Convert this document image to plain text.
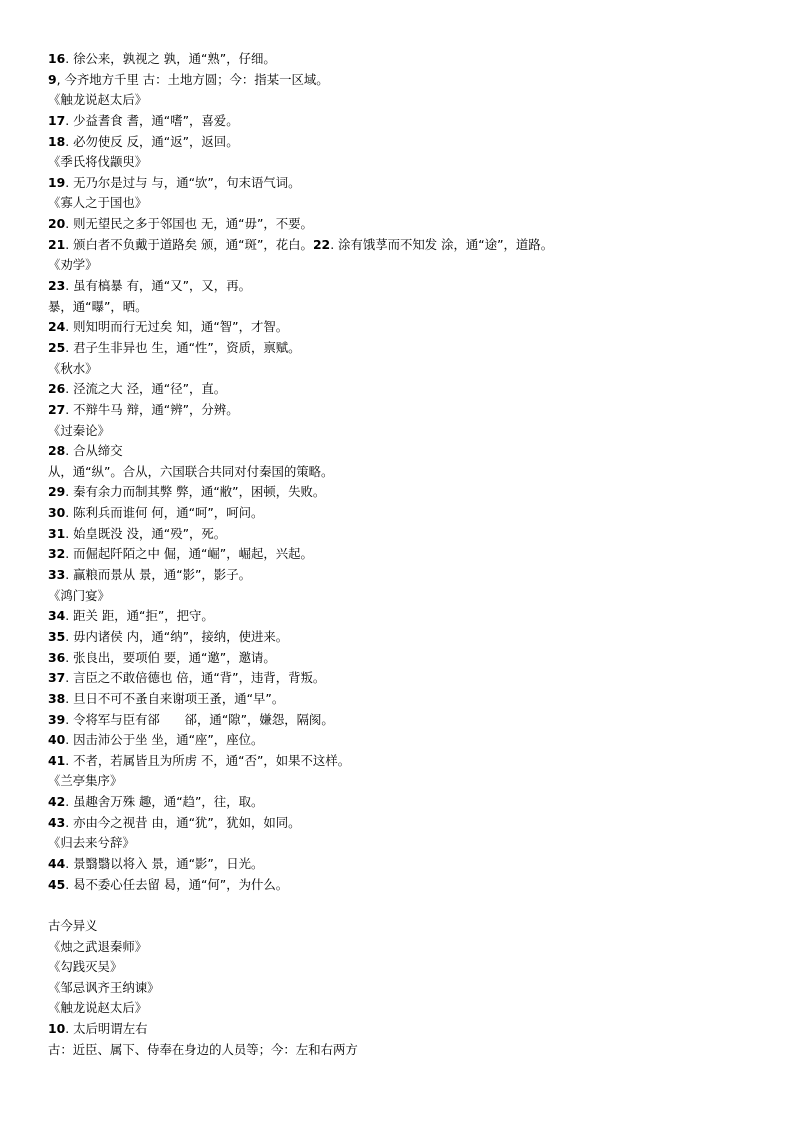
16. 徐公来，孰视之 孰，通“熟”，仔细。
9, 今齐地方千里 古：土地方圆；今：指某一区域。
《触龙说赵太后》
17. 少益耆食 耆，通“嗜”，喜爱。
18. 必勿使反 反，通“返”，返回。
《季氏将伐颛臾》
19. 无乃尔是过与 与，通“欤”，句末语气词。
《寡人之于国也》
20. 则无望民之多于邻国也 无，通“毋”，不要。
21. 颁白者不负戴于道路矣 颁，通“斑”，花白。22. 涂有饿莩而不知发 涂，通“途”，道路。
《劝学》
23. 虽有槁暴 有，通“又”，又，再。
暴，通“曝”，晒。
24. 则知明而行无过矣 知，通“智”，才智。
25. 君子生非异也 生，通“性”，资质，禀赋。
《秋水》
26. 泾流之大 泾，通“径”，直。
27. 不辩牛马 辩，通“辨”，分辨。
《过秦论》
28. 合从缔交
从，通“纵”。合从，六国联合共同对付秦国的策略。
29. 秦有余力而制其弊 弊，通“敝”，困顿，失败。
30. 陈利兵而谁何 何，通“呵”，呵问。
31. 始皇既没 没，通“殁”，死。
32. 而倔起阡陌之中 倔，通“崛”，崛起，兴起。
33. 赢粮而景从 景，通“影”，影子。
《鸿门宴》
34. 距关 距，通“拒”，把守。
35. 毋内诸侯 内，通“纳”，接纳，使进来。
36. 张良出，要项伯 要，通“邀”，邀请。
37. 言臣之不敢倍德也 倍，通“背”，违背，背叛。
38. 旦日不可不蚤自来谢项王蚤，通“早”。
39. 令将军与臣有郤　　郤，通“隙”，嫌怨，隔阂。
40. 因击沛公于坐 坐，通“座”，座位。
41. 不者，若属皆且为所虏 不，通“否”，如果不这样。
《兰亭集序》
42. 虽趣舍万殊 趣，通“趋”，往，取。
43. 亦由今之视昔 由，通“犹”，犹如，如同。
《归去来兮辞》
44. 景翳翳以将入 景，通“影”，日光。
45. 曷不委心任去留 曷，通“何”，为什么。
古今异义
《烛之武退秦师》
《勾践灭吴》
《邹忌讽齐王纳谏》
《触龙说赵太后》
10. 太后明谓左右
古：近臣、属下、侍奉在身边的人员等；今：左和右两方
